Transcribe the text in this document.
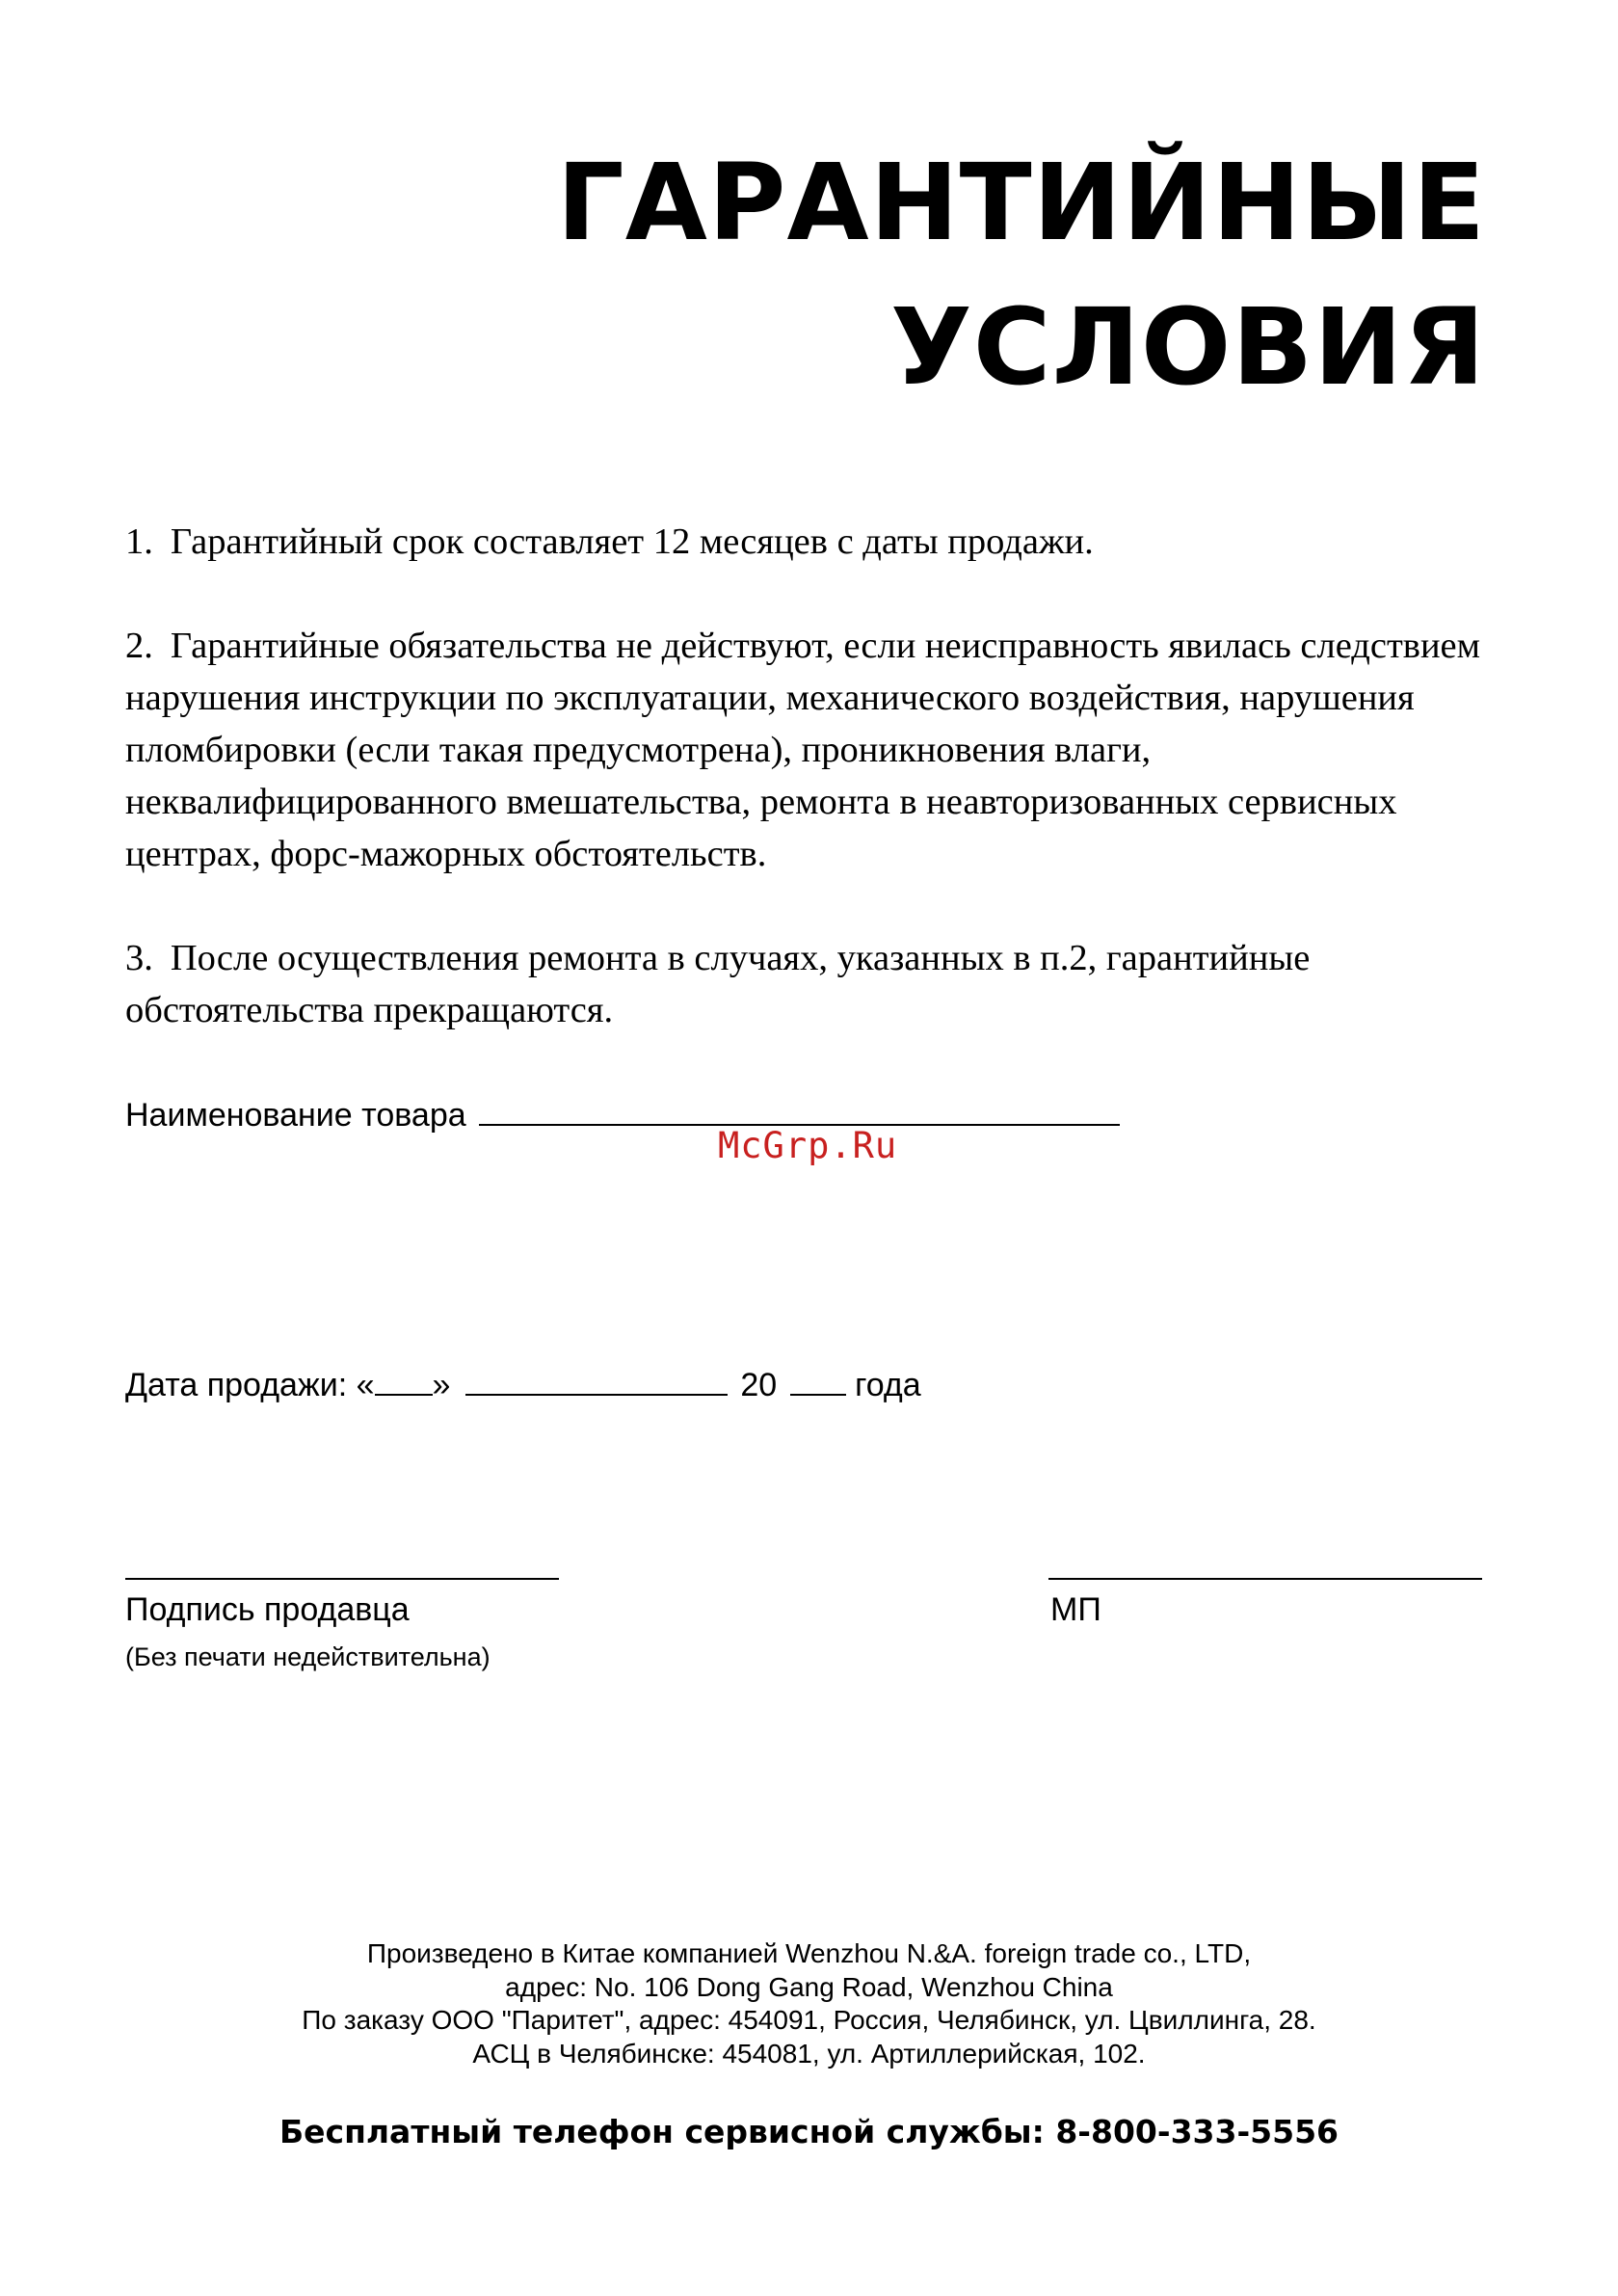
ГАРАНТИЙНЫЕ
УСЛОВИЯ

1. Гарантийный срок составляет 12 месяцев с даты продажи.

2. Гарантийные обязательства не действуют, если неисправность явилась следствием нарушения инструкции по эксплуатации, механического воздействия, нарушения пломбировки (если такая предусмотрена), проникновения влаги, неквалифицированного вмешательства, ремонта в неавторизованных сервисных центрах, форс-мажорных обстоятельств.

3. После осуществления ремонта в случаях, указанных в п.2, гарантийные обстоятельства прекращаются.

Наименование товара
McGrp.Ru
Дата продажи: « »	20 года
Подпись продавца
(Без печати недействительна)
МП
Произведено в Китае компанией Wenzhou N.&A. foreign trade co., LTD,
адрес: No. 106 Dong Gang Road, Wenzhou China
По заказу ООО "Паритет", адрес: 454091, Россия, Челябинск, ул. Цвиллинга, 28.
АСЦ в Челябинске: 454081, ул. Артиллерийская, 102.
Бесплатный телефон сервисной службы: 8-800-333-5556
